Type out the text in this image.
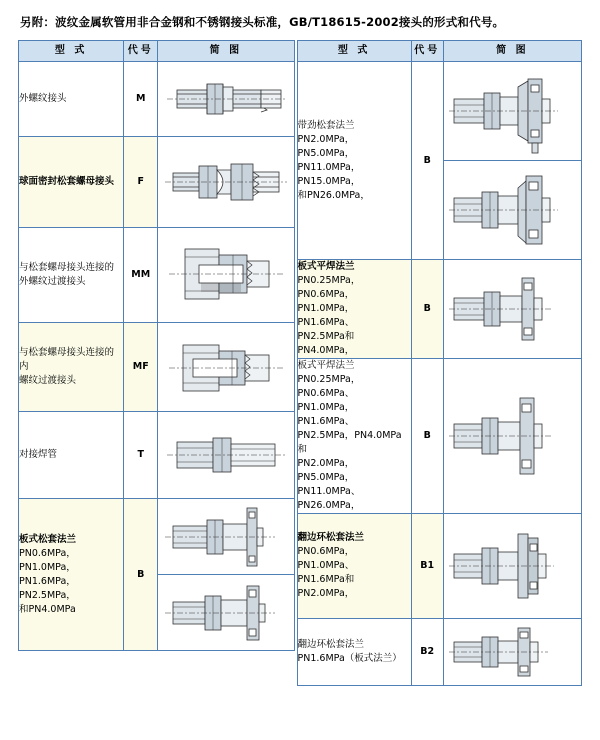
另附：波纹金属软管用非合金钢和不锈钢接头标准，GB/T18615-2002接头的形式和代号。
型 式	代号	简 图

外螺纹接头	M	

球面密封松套螺母接头	F	

与松套螺母接头连接的
外螺纹过渡接头	MM	

与松套螺母接头连接的内
螺纹过渡接头	MF	

对接焊管	T	

板式松套法兰
PN0.6MPa，PN1.0MPa，
PN1.6MPa，PN2.5MPa，
和PN4.0MPa	B	

型 式	代号	简 图

带劲松套法兰
PN2.0MPa，PN5.0MPa，
PN11.0MPa，PN15.0MPa，
和PN26.0MPa，	B	

板式平焊法兰
PN0.25MPa，PN0.6MPa，
PN1.0MPa，PN1.6MPa、
PN2.5MPa和PN4.0MPa，	B	

板式平焊法兰
PN0.25MPa，PN0.6MPa、
PN1.0MPa，PN1.6MPa、
PN2.5MPa，PN4.0MPa 和
PN2.0MPa，PN5.0MPa，
PN11.0MPa、PN26.0MPa，
	B	

翻边环松套法兰
PN0.6MPa，PN1.0MPa、
PN1.6MPa和PN2.0MPa，	B1	

翻边环松套法兰
PN1.6MPa（板式法兰）	B2	
